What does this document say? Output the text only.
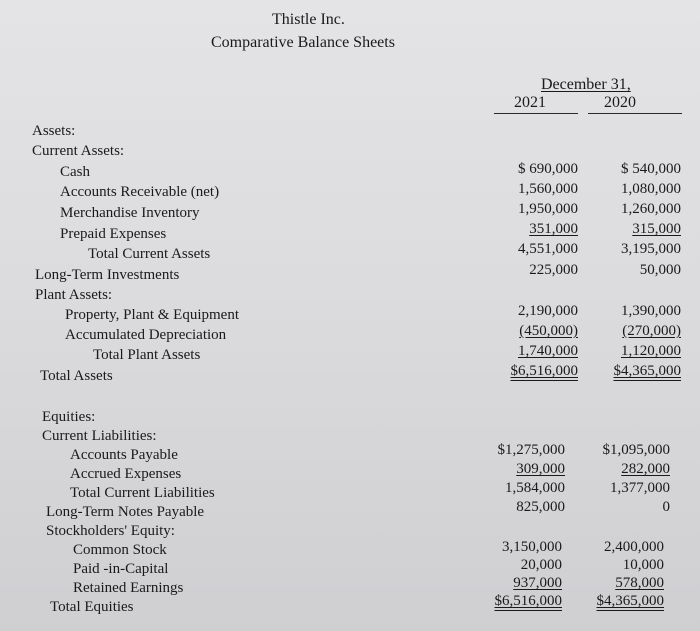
Thistle Inc.
Comparative Balance Sheets
December 31,
2021	2020
Assets:
Current Assets:
Cash
Accounts Receivable (net)
Merchandise Inventory
Prepaid Expenses
Total Current Assets
Long-Term Investments
Plant Assets:
Property, Plant & Equipment
Accumulated Depreciation
Total Plant Assets
Total Assets
$ 690,000
1,560,000
1,950,000
351,000
4,551,000
225,000
2,190,000
(450,000)
1,740,000
$6,516,000
$ 540,000
1,080,000
1,260,000
315,000
3,195,000
50,000
1,390,000
(270,000)
1,120,000
$4,365,000
Equities:
Current Liabilities:
Accounts Payable
Accrued Expenses
Total Current Liabilities
Long-Term Notes Payable
Stockholders' Equity:
Common Stock
Paid -in-Capital
Retained Earnings
Total Equities
$1,275,000
309,000
1,584,000
825,000
3,150,000
20,000
937,000
$6,516,000
$1,095,000
282,000
1,377,000
0
2,400,000
10,000
578,000
$4,365,000
